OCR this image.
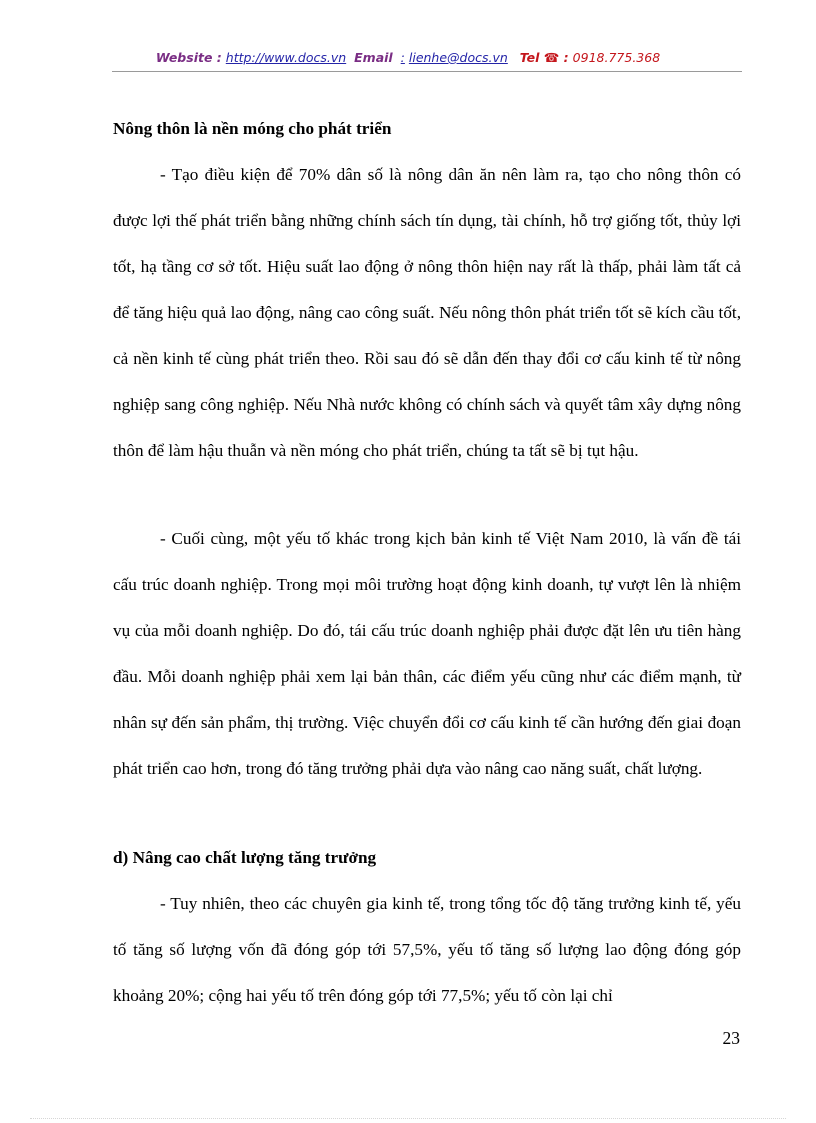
Website : http://www.docs.vn Email : lienhe@docs.vn Tel ☎ : 0918.775.368
Nông thôn là nền móng cho phát triển

- Tạo điều kiện để 70% dân số là nông dân ăn nên làm ra, tạo cho nông thôn có được lợi thế phát triển bằng những chính sách tín dụng, tài chính, hỗ trợ giống tốt, thủy lợi tốt, hạ tầng cơ sở tốt. Hiệu suất lao động ở nông thôn hiện nay rất là thấp, phải làm tất cả để tăng hiệu quả lao động, nâng cao công suất. Nếu nông thôn phát triển tốt sẽ kích cầu tốt, cả nền kinh tế cùng phát triển theo. Rồi sau đó sẽ dẫn đến thay đổi cơ cấu kinh tế từ nông nghiệp sang công nghiệp. Nếu Nhà nước không có chính sách và quyết tâm xây dựng nông thôn để làm hậu thuẫn và nền móng cho phát triển, chúng ta tất sẽ bị tụt hậu.

- Cuối cùng, một yếu tố khác trong kịch bản kinh tế Việt Nam 2010, là vấn đề tái cấu trúc doanh nghiệp. Trong mọi môi trường hoạt động kinh doanh, tự vượt lên là nhiệm vụ của mỗi doanh nghiệp. Do đó, tái cấu trúc doanh nghiệp phải được đặt lên ưu tiên hàng đầu. Mỗi doanh nghiệp phải xem lại bản thân, các điểm yếu cũng như các điểm mạnh, từ nhân sự đến sản phẩm, thị trường. Việc chuyển đổi cơ cấu kinh tế cần hướng đến giai đoạn phát triển cao hơn, trong đó tăng trưởng phải dựa vào nâng cao năng suất, chất lượng.

d) Nâng cao chất lượng tăng trưởng

- Tuy nhiên, theo các chuyên gia kinh tế, trong tổng tốc độ tăng trưởng kinh tế, yếu tố tăng số lượng vốn đã đóng góp tới 57,5%, yếu tố tăng số lượng lao động đóng góp khoảng 20%; cộng hai yếu tố trên đóng góp tới 77,5%; yếu tố còn lại chỉ

23
